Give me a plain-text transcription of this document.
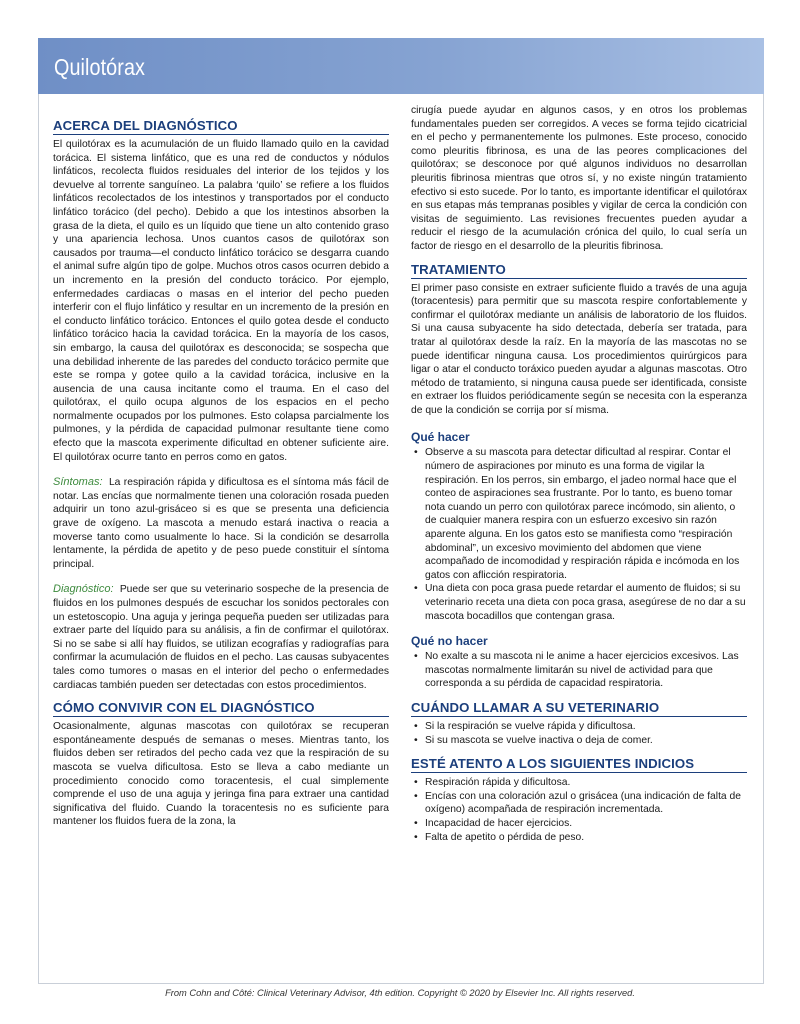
Quilotórax
ACERCA DEL DIAGNÓSTICO

El quilotórax es la acumulación de un fluido llamado quilo en la cavidad torácica. El sistema linfático, que es una red de conductos y nódulos linfáticos, recolecta fluidos residuales del interior de los tejidos y los devuelve al torrente sanguíneo. La palabra ‘quilo’ se refiere a los fluidos linfáticos recolectados de los intestinos y transportados por el conducto linfático torácico (del pecho). Debido a que los intestinos absorben la grasa de la dieta, el quilo es un líquido que tiene un alto contenido graso y una apariencia lechosa. Unos cuantos casos de quilotórax son causados por trauma—el conducto linfático torácico se desgarra cuando el animal sufre algún tipo de golpe. Muchos otros casos ocurren debido a un incremento en la presión del conducto torácico. Por ejemplo, enfermedades cardiacas o masas en el interior del pecho pueden interferir con el flujo linfático y resultar en un incremento de la presión en el conducto linfático torácico. Entonces el quilo gotea desde el conducto linfático torácico hacia la cavidad torácica. En la mayoría de los casos, sin embargo, la causa del quilotórax es desconocida; se sospecha que una debilidad inherente de las paredes del conducto torácico permite que este se rompa y gotee quilo a la cavidad torácica, inclusive en la ausencia de una causa incitante como el trauma. En el caso del quilotórax, el quilo ocupa algunos de los espacios en el pecho normalmente ocupados por los pulmones. Esto colapsa parcialmente los pulmones, y la pérdida de capacidad pulmonar resultante tiene como efecto que la mascota experimente dificultad en obtener suficiente aire. El quilotórax ocurre tanto en perros como en gatos.

Síntomas: La respiración rápida y dificultosa es el síntoma más fácil de notar. Las encías que normalmente tienen una coloración rosada pueden adquirir un tono azul-grisáceo si es que se presenta una deficiencia grave de oxígeno. La mascota a menudo estará inactiva o reacia a moverse tanto como usualmente lo hace. Si la condición se desarrolla lentamente, la pérdida de apetito y de peso puede constituir el síntoma principal.

Diagnóstico: Puede ser que su veterinario sospeche de la presencia de fluidos en los pulmones después de escuchar los sonidos pectorales con un estetoscopio. Una aguja y jeringa pequeña pueden ser utilizadas para extraer parte del líquido para su análisis, a fin de confirmar el quilotórax. Si no se sabe si allí hay fluidos, se utilizan ecografías y radiografías para confirmar la acumulación de fluidos en el pecho. Las causas subyacentes tales como tumores o masas en el interior del pecho o enfermedades cardiacas también pueden ser detectadas con estos procedimientos.

CÓMO CONVIVIR CON EL DIAGNÓSTICO

Ocasionalmente, algunas mascotas con quilotórax se recuperan espontáneamente después de semanas o meses. Mientras tanto, los fluidos deben ser retirados del pecho cada vez que la respiración de su mascota se vuelva dificultosa. Esto se lleva a cabo mediante un procedimiento conocido como toracentesis, el cual simplemente comprende el uso de una aguja y jeringa fina para extraer una cantidad significativa del fluido. Cuando la toracentesis no es suficiente para mantener los fluidos fuera de la zona, la

cirugía puede ayudar en algunos casos, y en otros los problemas fundamentales pueden ser corregidos. A veces se forma tejido cicatricial en el pecho y permanentemente los pulmones. Este proceso, conocido como pleuritis fibrinosa, es una de las peores complicaciones del quilotórax; se desconoce por qué algunos individuos no desarrollan pleuritis fibrinosa mientras que otros sí, y no existe ningún tratamiento efectivo si esto sucede. Por lo tanto, es importante identificar el quilotórax en sus etapas más tempranas posibles y vigilar de cerca la condición con visitas de seguimiento. Las revisiones frecuentes pueden ayudar a reducir el riesgo de la acumulación crónica del quilo, lo cual sería un factor de riesgo en el desarrollo de la pleuritis fibrinosa.

TRATAMIENTO

El primer paso consiste en extraer suficiente fluido a través de una aguja (toracentesis) para permitir que su mascota respire confortablemente y confirmar el quilotórax mediante un análisis de laboratorio de los fluidos. Si una causa subyacente ha sido detectada, debería ser tratada, para tratar al quilotórax desde la raíz. En la mayoría de las mascotas no se puede identificar ninguna causa. Los procedimientos quirúrgicos para ligar o atar el conducto toráxico pueden ayudar a algunas mascotas. Otro método de tratamiento, si ninguna causa puede ser identificada, consiste en extraer los fluidos periódicamente según se necesita con la esperanza de que la condición se corrija por sí misma.

Qué hacer
• Observe a su mascota para detectar dificultad al respirar. Contar el número de aspiraciones por minuto es una forma de vigilar la respiración. En los perros, sin embargo, el jadeo normal hace que el conteo de aspiraciones sea frustrante. Por lo tanto, es bueno tomar nota cuando un perro con quilotórax parece incómodo, sin aliento, o de cualquier manera respira con un esfuerzo excesivo sin razón aparente alguna. En los gatos esto se manifiesta como “respiración abdominal”, un excesivo movimiento del abdomen que viene acompañado de incomodidad y respiración rápida e incómoda en los gatos con aflicción respiratoria.
• Una dieta con poca grasa puede retardar el aumento de fluidos; si su veterinario receta una dieta con poca grasa, asegúrese de no dar a su mascota bocadillos que contengan grasa.
Qué no hacer
• No exalte a su mascota ni le anime a hacer ejercicios excesivos. Las mascotas normalmente limitarán su nivel de actividad para que corresponda a su pérdida de capacidad respiratoria.
CUÁNDO LLAMAR A SU VETERINARIO
• Si la respiración se vuelve rápida y dificultosa.
• Si su mascota se vuelve inactiva o deja de comer.
ESTÉ ATENTO A LOS SIGUIENTES INDICIOS
• Respiración rápida y dificultosa.
• Encías con una coloración azul o grisácea (una indicación de falta de oxígeno) acompañada de respiración incrementada.
• Incapacidad de hacer ejercicios.
• Falta de apetito o pérdida de peso.
From Cohn and Côté: Clinical Veterinary Advisor, 4th edition. Copyright © 2020 by Elsevier Inc. All rights reserved.
